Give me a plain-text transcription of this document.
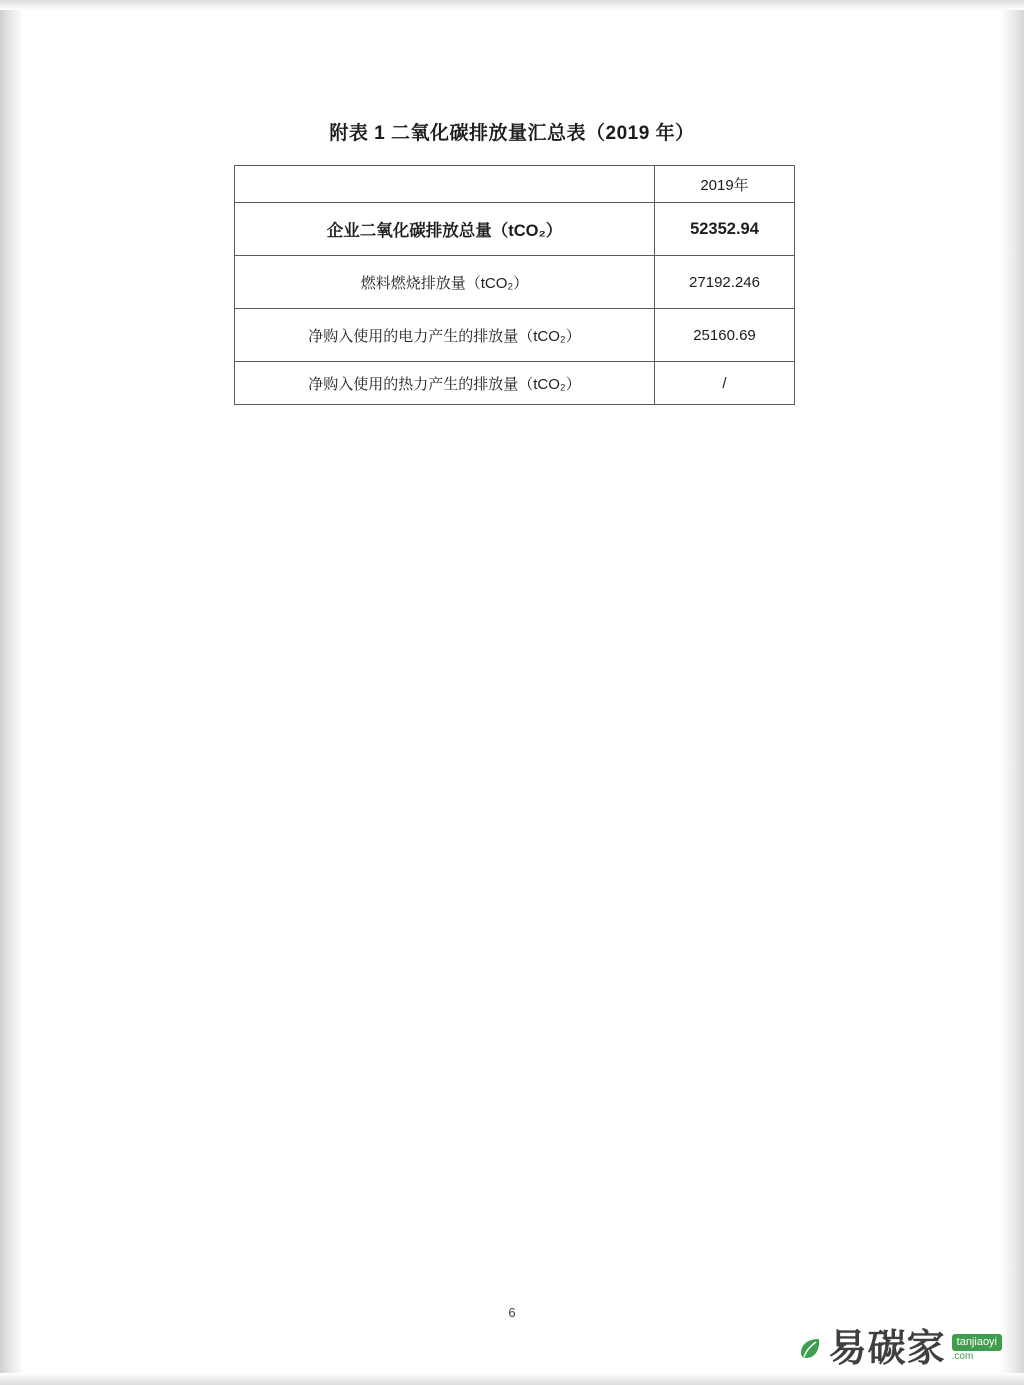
附表 1 二氧化碳排放量汇总表（2019 年）
	2019年
企业二氧化碳排放总量（tCO₂）	52352.94
燃料燃烧排放量（tCO₂）	27192.246
净购入使用的电力产生的排放量（tCO₂）	25160.69
净购入使用的热力产生的排放量（tCO₂）	/
6
易碳家	tanjiaoyi
.com
